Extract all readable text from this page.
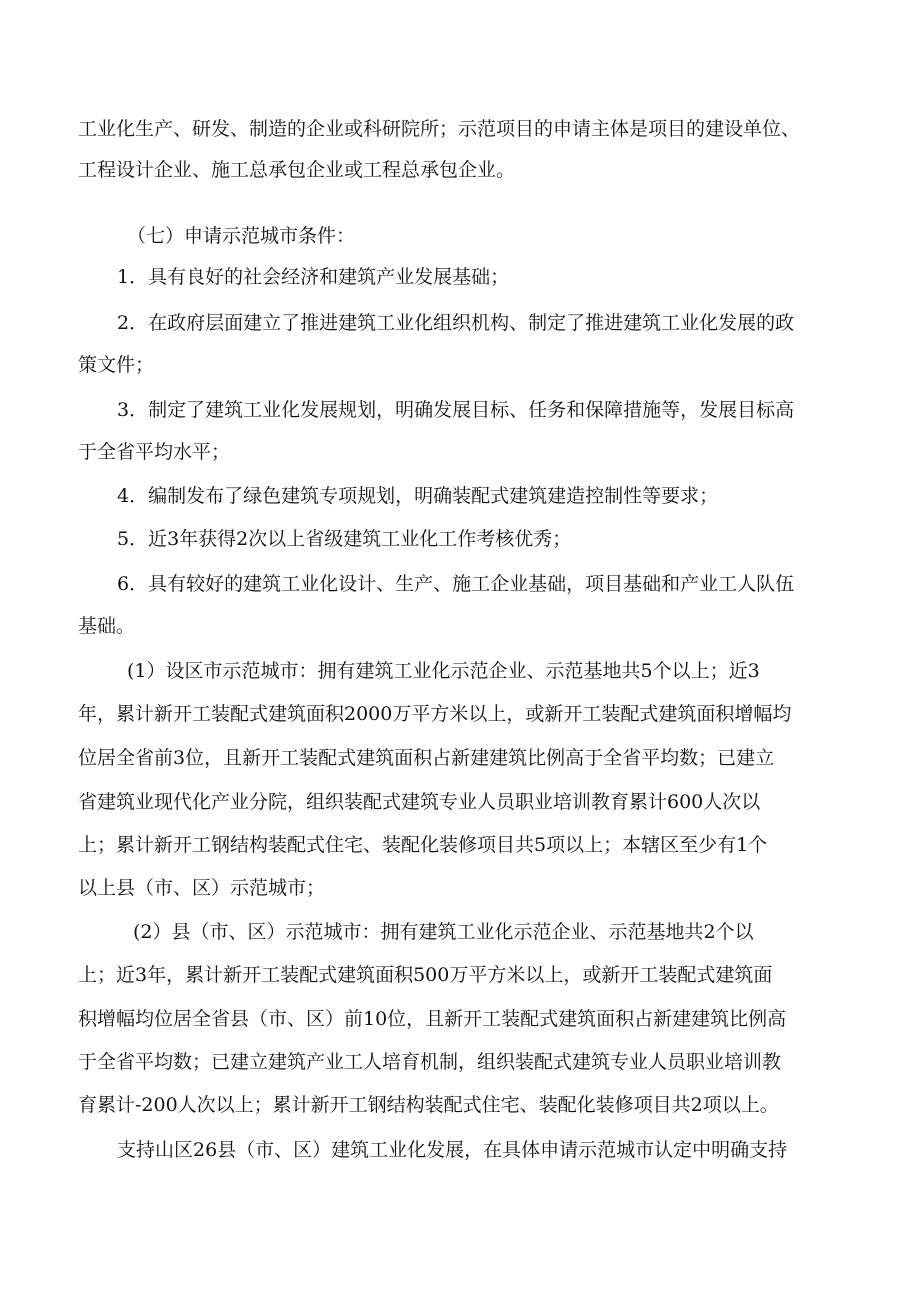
工业化生产、研发、制造的企业或科研院所；示范项目的申请主体是项目的建设单位、
工程设计企业、施工总承包企业或工程总承包企业。
（七）申请示范城市条件：
1．具有良好的社会经济和建筑产业发展基础；
2．在政府层面建立了推进建筑工业化组织机构、制定了推进建筑工业化发展的政
策文件；
3．制定了建筑工业化发展规划，明确发展目标、任务和保障措施等，发展目标高
于全省平均水平；
4．编制发布了绿色建筑专项规划，明确装配式建筑建造控制性等要求；
5．近3年获得2次以上省级建筑工业化工作考核优秀；
6．具有较好的建筑工业化设计、生产、施工企业基础，项目基础和产业工人队伍
基础。
(1）设区市示范城市：拥有建筑工业化示范企业、示范基地共5个以上；近3
年，累计新开工装配式建筑面积2000万平方米以上，或新开工装配式建筑面积增幅均
位居全省前3位，且新开工装配式建筑面积占新建建筑比例高于全省平均数；已建立
省建筑业现代化产业分院，组织装配式建筑专业人员职业培训教育累计600人次以
上；累计新开工钢结构装配式住宅、装配化装修项目共5项以上；本辖区至少有1个
以上县（市、区）示范城市；
(2）县（市、区）示范城市：拥有建筑工业化示范企业、示范基地共2个以
上；近3年，累计新开工装配式建筑面积500万平方米以上，或新开工装配式建筑面
积增幅均位居全省县（市、区）前10位，且新开工装配式建筑面积占新建建筑比例高
于全省平均数；已建立建筑产业工人培育机制，组织装配式建筑专业人员职业培训教
育累计-200人次以上；累计新开工钢结构装配式住宅、装配化装修项目共2项以上。
支持山区26县（市、区）建筑工业化发展，在具体申请示范城市认定中明确支持
